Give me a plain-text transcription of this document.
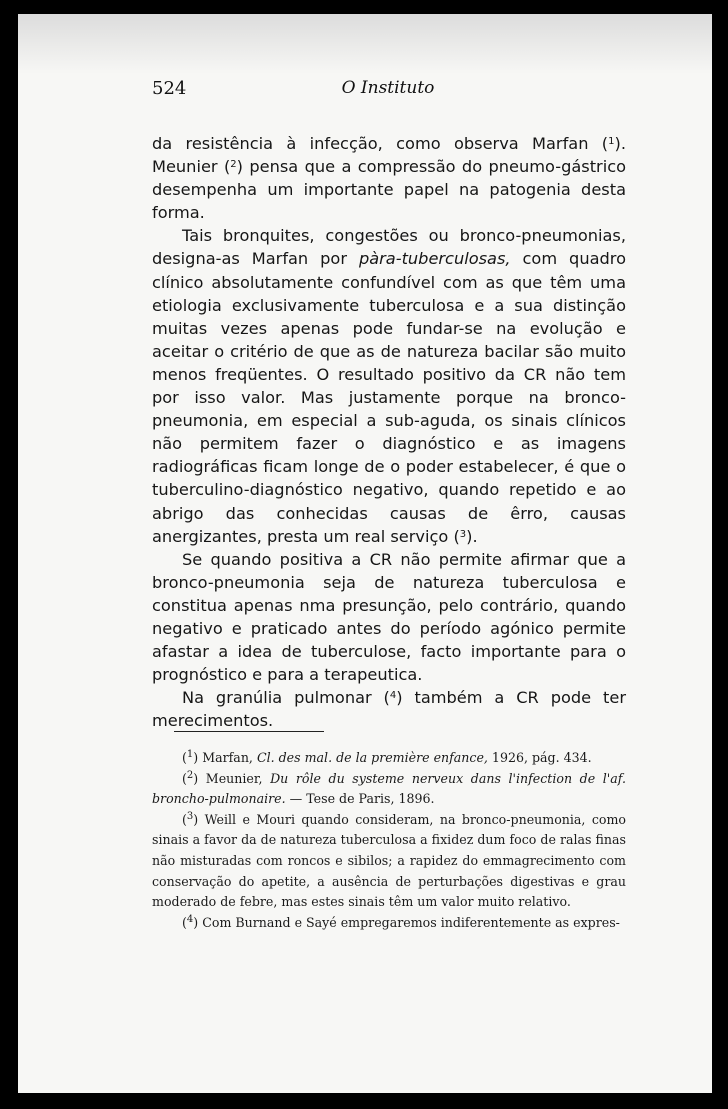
524	O Instituto

da resistência à infecção, como observa Marfan ($^1$). Meunier ($^2$) pensa que a compressão do pneumo-gástrico desempenha um importante papel na patogenia desta forma.

Tais bronquites, congestões ou bronco-pneumonias, designa-as Marfan por pàra-tuberculosas, com quadro clínico absolutamente confundível com as que têm uma etiologia exclusivamente tuberculosa e a sua distinção muitas vezes apenas pode fundar-se na evolução e aceitar o critério de que as de natureza bacilar são muito menos freqüentes. O resultado positivo da CR não tem por isso valor. Mas justamente porque na bronco-pneumonia, em especial a sub-aguda, os sinais clínicos não permitem fazer o diagnóstico e as imagens radiográficas ficam longe de o poder estabelecer, é que o tuberculino-diagnóstico negativo, quando repetido e ao abrigo das conhecidas causas de êrro, causas anergizantes, presta um real serviço ($^3$).

Se quando positiva a CR não permite afirmar que a bronco-pneumonia seja de natureza tuberculosa e constitua apenas nma presunção, pelo contrário, quando negativo e praticado antes do período agónico permite afastar a idea de tuberculose, facto importante para o prognóstico e para a terapeutica.

Na granúlia pulmonar ($^4$) também a CR pode ter merecimentos.

($^1$) Marfan, Cl. des mal. de la première enfance, 1926, pág. 434.

($^2$) Meunier, Du rôle du systeme nerveux dans l'infection de l'af. broncho-pulmonaire. — Tese de Paris, 1896.

($^3$) Weill e Mouri quando consideram, na bronco-pneumonia, como sinais a favor da de natureza tuberculosa a fixidez dum foco de ralas finas não misturadas com roncos e sibilos; a rapidez do emmagrecimento com conservação do apetite, a ausência de perturbações digestivas e grau moderado de febre, mas estes sinais têm um valor muito relativo.

($^4$) Com Burnand e Sayé empregaremos indiferentemente as expres-
